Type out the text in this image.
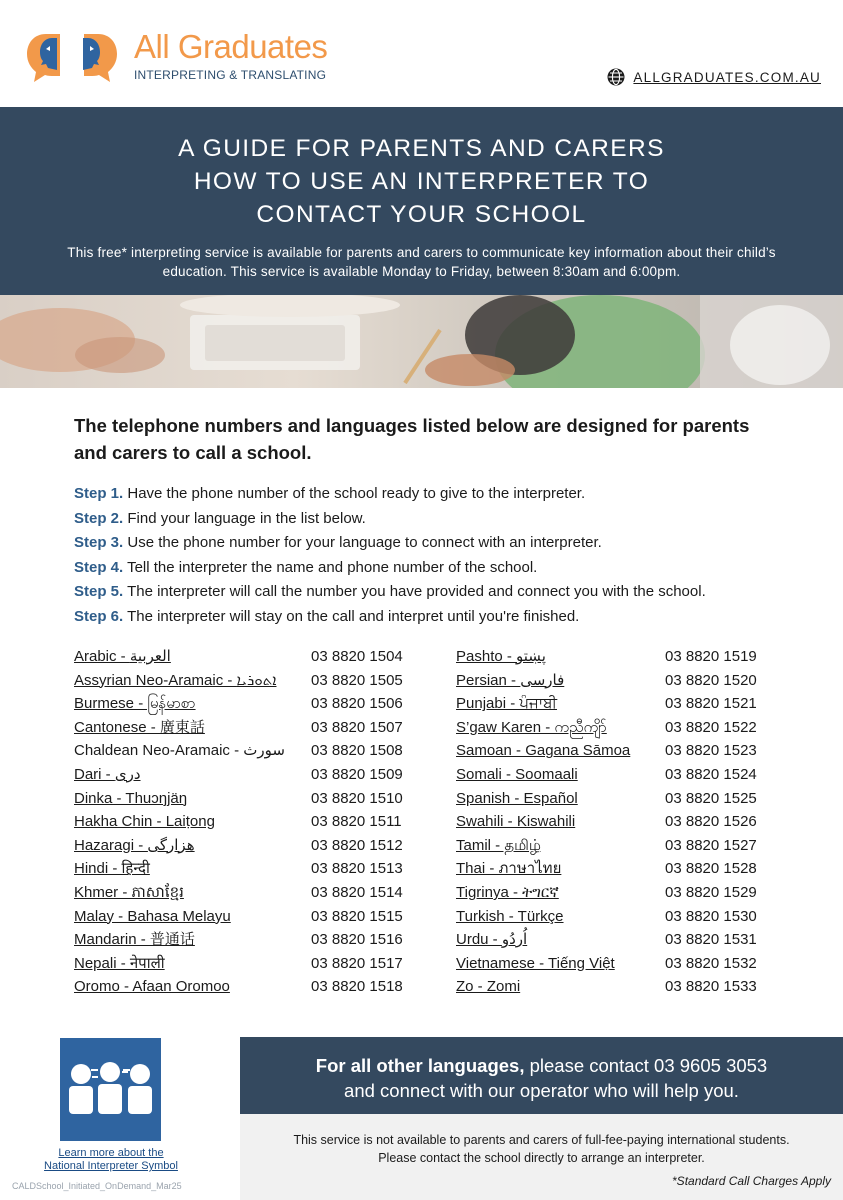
All Graduates
INTERPRETING & TRANSLATING	ALLGRADUATES.COM.AU
A GUIDE FOR PARENTS AND CARERS
HOW TO USE AN INTERPRETER TO
CONTACT YOUR SCHOOL
This free* interpreting service is available for parents and carers to communicate key information about their child’s education. This service is available Monday to Friday, between 8:30am and 6:00pm.
The telephone numbers and languages listed below are designed for parents and carers to call a school.
Step 1. Have the phone number of the school ready to give to the interpreter.
Step 2. Find your language in the list below.
Step 3. Use the phone number for your language to connect with an interpreter.
Step 4. Tell the interpreter the name and phone number of the school.
Step 5. The interpreter will call the number you have provided and connect you with the school.
Step 6. The interpreter will stay on the call and interpret until you're finished.
Arabic - العربية	03 8820 1504
Assyrian Neo-Aramaic - ܐܬܘܪܝܐ 03 8820 1505
Burmese - မြန်မာစာ	03 8820 1506
Cantonese - 廣東話	03 8820 1507
Chaldean Neo-Aramaic - سورث 03 8820 1508
Dari - دری	03 8820 1509
Dinka - Thuɔŋjäŋ	03 8820 1510
Hakha Chin - Laiṭong	03 8820 1511
Hazaragi - هزارگی	03 8820 1512
Hindi - हिन्दी	03 8820 1513
Khmer - ភាសាខ្មែរ	03 8820 1514
Malay - Bahasa Melayu	03 8820 1515
Mandarin - 普通话	03 8820 1516
Nepali - नेपाली	03 8820 1517
Oromo - Afaan Oromoo	03 8820 1518
Pashto - پښتو	03 8820 1519
Persian - فارسی	03 8820 1520
Punjabi - ਪੰਜਾਬੀ	03 8820 1521
S’gaw Karen - ကညီကျိာ်	03 8820 1522
Samoan - Gagana Sāmoa 03 8820 1523
Somali - Soomaali	03 8820 1524
Spanish - Español	03 8820 1525
Swahili - Kiswahili	03 8820 1526
Tamil - தமிழ்	03 8820 1527
Thai - ภาษาไทย	03 8820 1528
Tigrinya - ትግርኛ	03 8820 1529
Turkish - Türkçe	03 8820 1530
Urdu - اُردُو	03 8820 1531
Vietnamese - Tiếng Việt	03 8820 1532
Zo - Zomi	03 8820 1533
Learn more about the
National Interpreter Symbol
CALDSchool_Initiated_OnDemand_Mar25
For all other languages, please contact 03 9605 3053
and connect with our operator who will help you.
This service is not available to parents and carers of full-fee-paying international students.
Please contact the school directly to arrange an interpreter.
*Standard Call Charges Apply
